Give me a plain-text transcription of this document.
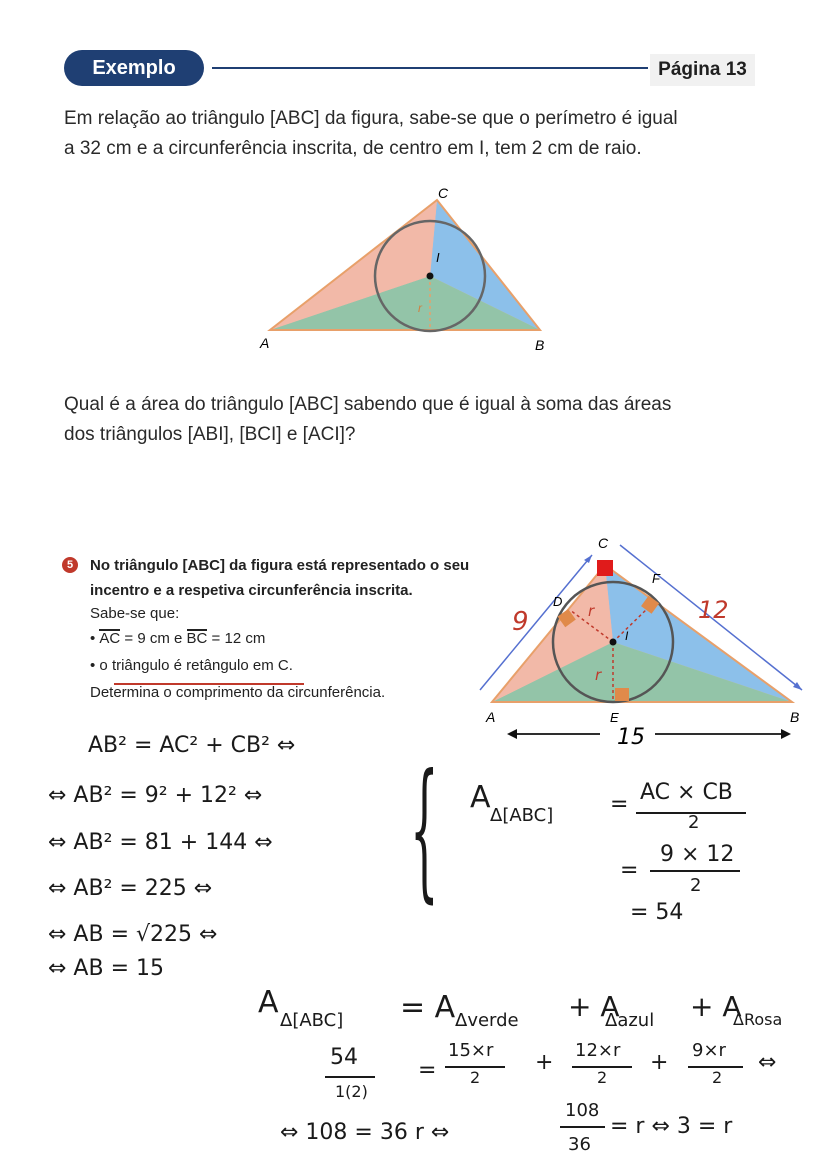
Exemplo	Página 13
Em relação ao triângulo [ABC] da figura, sabe-se que o perímetro é igual
a 32 cm e a circunferência inscrita, de centro em I, tem 2 cm de raio.
C
A	B
I
r
Qual é a área do triângulo [ABC] sabendo que é igual à soma das áreas
dos triângulos [ABI], [BCI] e [ACI]?
5	No triângulo [ABC] da figura está representado o seu
incentro e a respetiva circunferência inscrita.
Sabe-se que:
•
AC = 9 cm e
BC = 12 cm
• o triângulo é retângulo em C.
Determina o comprimento da circunferência.
C
A	B
D
E
F
I
r
r
9	12
15
AB² = AC² + CB² ⇔
⇔ AB² = 9² + 12² ⇔
⇔ AB² = 81 + 144 ⇔
⇔ AB² = 225 ⇔
⇔ AB = √225 ⇔
⇔ AB = 15
{ A
Δ[ABC]	= AC × CB
2
=
9 × 12
2
= 54
A
Δ[ABC] = A Δverde + A
Δazul + A
ΔRosa
54
1(2)
=
15×r
2
+ 12×r
2
+ 9×r
2
⇔
⇔ 108 = 36 r ⇔
108
36
= r ⇔ 3 = r
